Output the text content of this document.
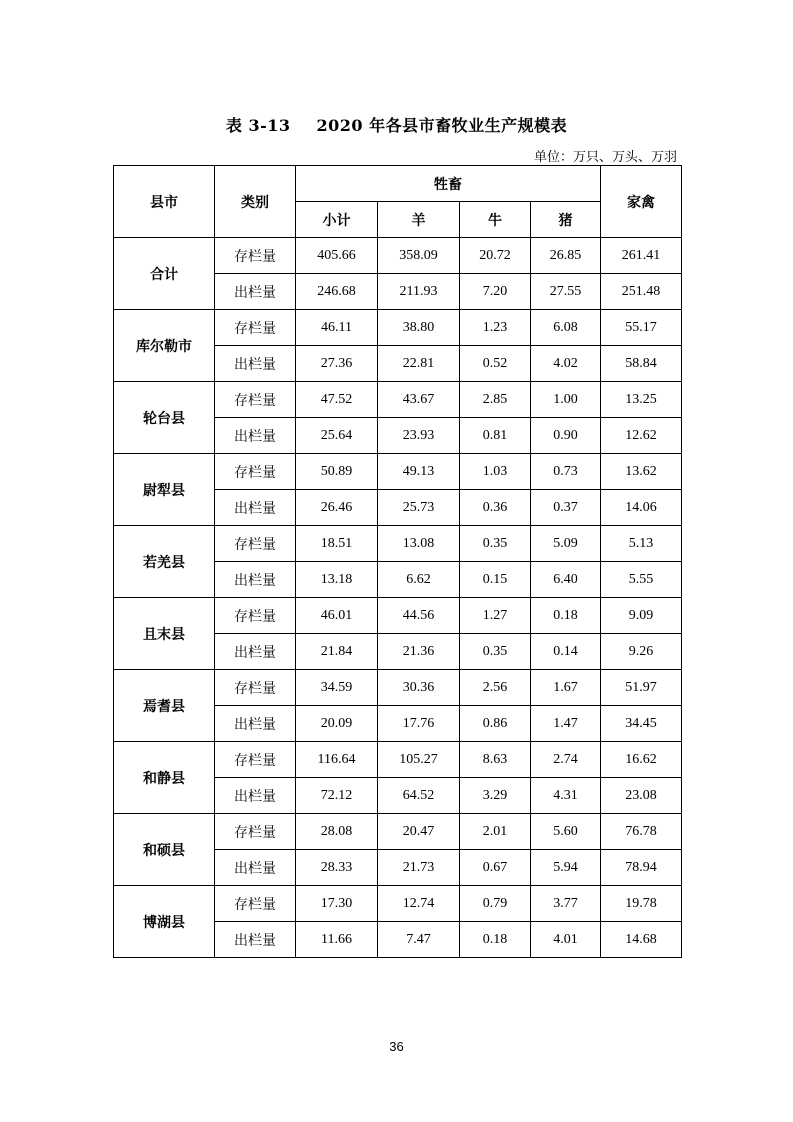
表 3-13 2020 年各县市畜牧业生产规模表
单位：万只、万头、万羽
县市	类别	牲畜				家禽
		小计	羊	牛	猪	
合计	存栏量	405.66	358.09	20.72	26.85	261.41
	出栏量	246.68	211.93	7.20	27.55	251.48
库尔勒市	存栏量	46.11	38.80	1.23	6.08	55.17
	出栏量	27.36	22.81	0.52	4.02	58.84
轮台县	存栏量	47.52	43.67	2.85	1.00	13.25
	出栏量	25.64	23.93	0.81	0.90	12.62
尉犁县	存栏量	50.89	49.13	1.03	0.73	13.62
	出栏量	26.46	25.73	0.36	0.37	14.06
若羌县	存栏量	18.51	13.08	0.35	5.09	5.13
	出栏量	13.18	6.62	0.15	6.40	5.55
且末县	存栏量	46.01	44.56	1.27	0.18	9.09
	出栏量	21.84	21.36	0.35	0.14	9.26
焉耆县	存栏量	34.59	30.36	2.56	1.67	51.97
	出栏量	20.09	17.76	0.86	1.47	34.45
和静县	存栏量	116.64	105.27	8.63	2.74	16.62
	出栏量	72.12	64.52	3.29	4.31	23.08
和硕县	存栏量	28.08	20.47	2.01	5.60	76.78
	出栏量	28.33	21.73	0.67	5.94	78.94
博湖县	存栏量	17.30	12.74	0.79	3.77	19.78
	出栏量	11.66	7.47	0.18	4.01	14.68
36
